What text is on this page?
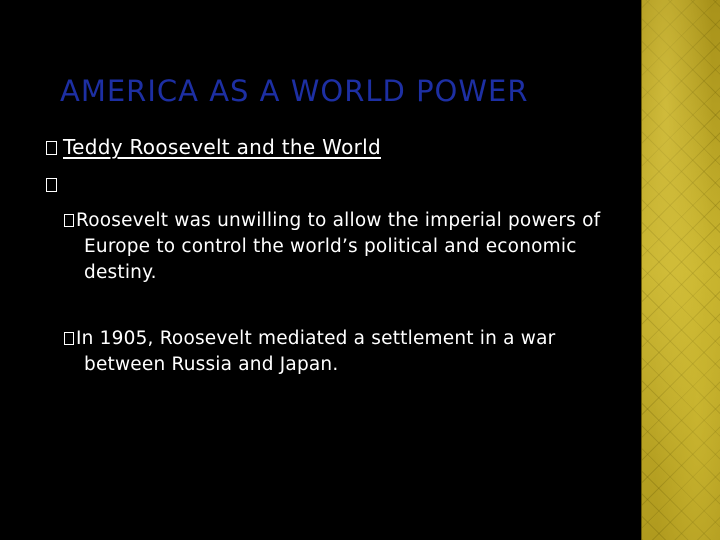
AMERICA AS A WORLD POWER
Teddy Roosevelt and the World
Roosevelt was unwilling to allow the imperial powers of Europe to control the world’s political and economic destiny.
In 1905, Roosevelt mediated a settlement in a war between Russia and Japan.
